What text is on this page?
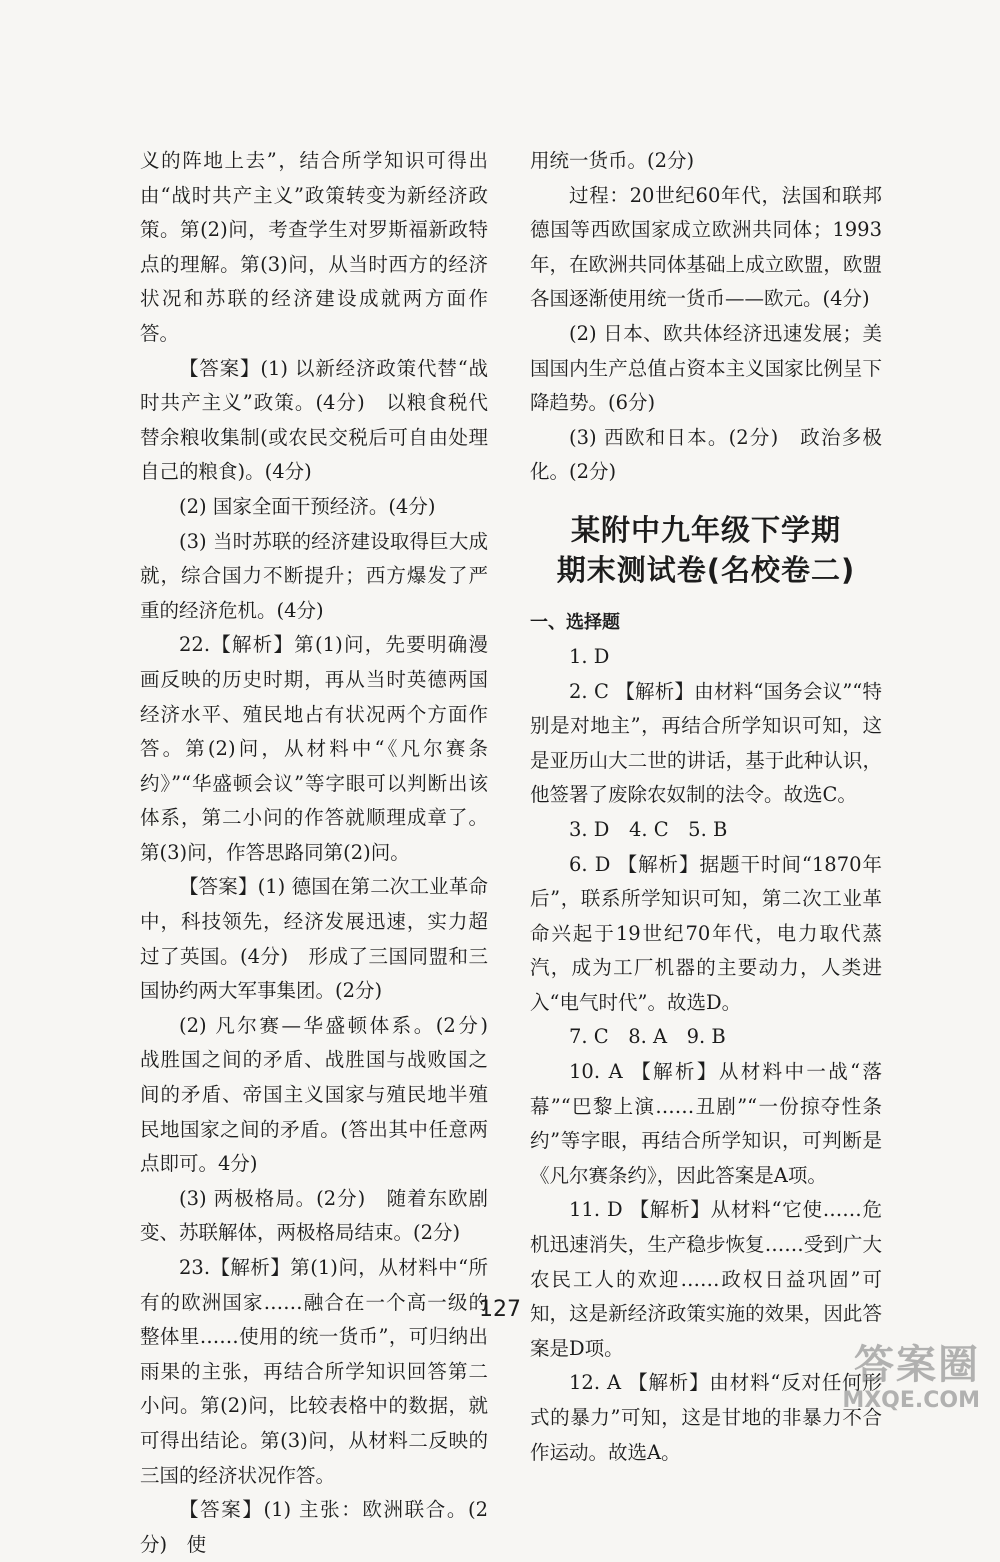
义的阵地上去”，结合所学知识可得出由“战时共产主义”政策转变为新经济政策。第(2)问，考查学生对罗斯福新政特点的理解。第(3)问，从当时西方的经济状况和苏联的经济建设成就两方面作答。

【答案】(1) 以新经济政策代替“战时共产主义”政策。(4分)　以粮食税代替余粮收集制(或农民交税后可自由处理自己的粮食)。(4分)

(2) 国家全面干预经济。(4分)

(3) 当时苏联的经济建设取得巨大成就，综合国力不断提升；西方爆发了严重的经济危机。(4分)

22.【解析】第(1)问，先要明确漫画反映的历史时期，再从当时英德两国经济水平、殖民地占有状况两个方面作答。第(2)问，从材料中“《凡尔赛条约》”“华盛顿会议”等字眼可以判断出该体系，第二小问的作答就顺理成章了。第(3)问，作答思路同第(2)问。

【答案】(1) 德国在第二次工业革命中，科技领先，经济发展迅速，实力超过了英国。(4分)　形成了三国同盟和三国协约两大军事集团。(2分)

(2) 凡尔赛—华盛顿体系。(2分)　战胜国之间的矛盾、战胜国与战败国之间的矛盾、帝国主义国家与殖民地半殖民地国家之间的矛盾。(答出其中任意两点即可。4分)

(3) 两极格局。(2分)　随着东欧剧变、苏联解体，两极格局结束。(2分)

23.【解析】第(1)问，从材料中“所有的欧洲国家……融合在一个高一级的整体里……使用的统一货币”，可归纳出雨果的主张，再结合所学知识回答第二小问。第(2)问，比较表格中的数据，就可得出结论。第(3)问，从材料二反映的三国的经济状况作答。

【答案】(1) 主张：欧洲联合。(2分)　使

用统一货币。(2分)

过程：20世纪60年代，法国和联邦德国等西欧国家成立欧洲共同体；1993年，在欧洲共同体基础上成立欧盟，欧盟各国逐渐使用统一货币——欧元。(4分)

(2) 日本、欧共体经济迅速发展；美国国内生产总值占资本主义国家比例呈下降趋势。(6分)

(3) 西欧和日本。(2分)　政治多极化。(2分)

某附中九年级下学期

期末测试卷(名校卷二)

一、选择题

1. D

2. C 【解析】由材料“国务会议”“特别是对地主”，再结合所学知识可知，这是亚历山大二世的讲话，基于此种认识，他签署了废除农奴制的法令。故选C。

3. D　4. C　5. B

6. D 【解析】据题干时间“1870年后”，联系所学知识可知，第二次工业革命兴起于19世纪70年代，电力取代蒸汽，成为工厂机器的主要动力，人类进入“电气时代”。故选D。

7. C　8. A　9. B

10. A 【解析】从材料中一战“落幕”“巴黎上演……丑剧”“一份掠夺性条约”等字眼，再结合所学知识，可判断是《凡尔赛条约》，因此答案是A项。

11. D 【解析】从材料“它使……危机迅速消失，生产稳步恢复……受到广大农民工人的欢迎……政权日益巩固”可知，这是新经济政策实施的效果，因此答案是D项。

12. A 【解析】由材料“反对任何形式的暴力”可知，这是甘地的非暴力不合作运动。故选A。

127
答案圈
MXQE.COM
